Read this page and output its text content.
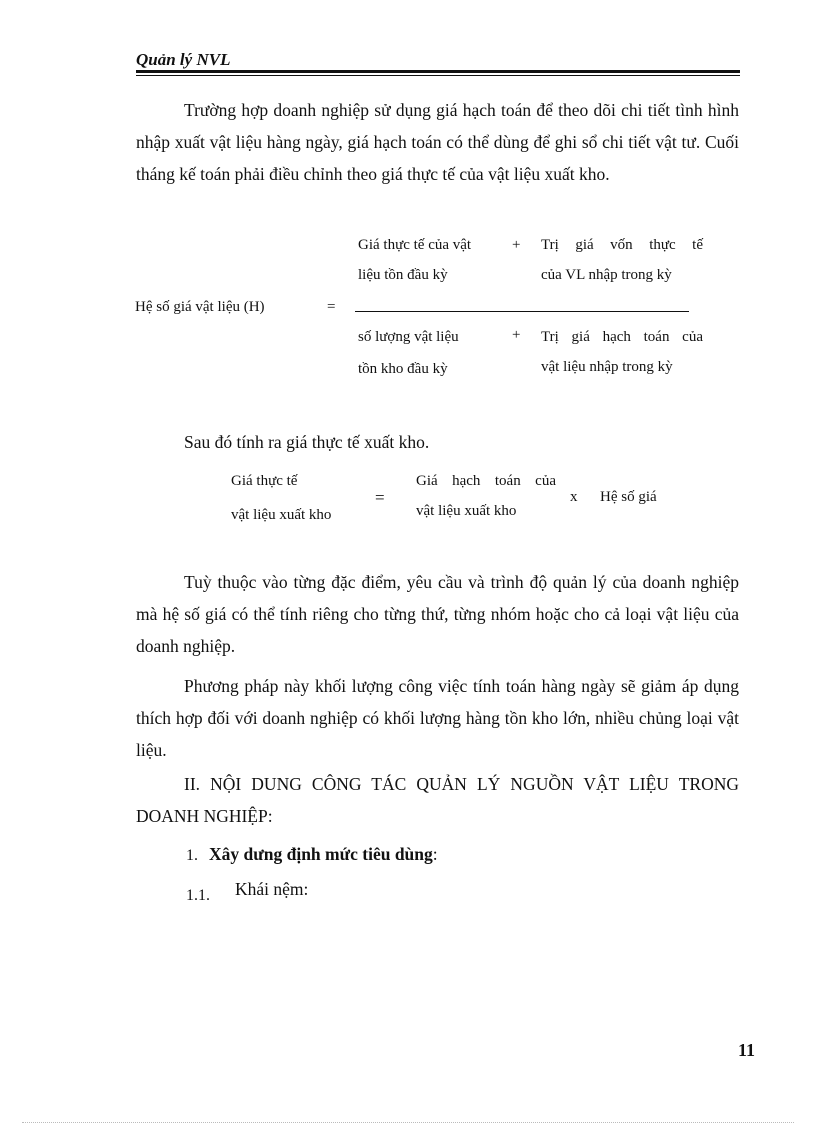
Quản lý NVL

Trường hợp doanh nghiệp sử dụng giá hạch toán để theo dõi chi tiết tình hình nhập xuất vật liệu hàng ngày, giá hạch toán có thể dùng để ghi sổ chi tiết vật tư. Cuối tháng kế toán phải điều chỉnh theo giá thực tế của vật liệu xuất kho.

Giá thực tế của vật
liệu tồn đầu kỳ
+ Trị giá vốn thực tế
của VL nhập trong kỳ
Hệ số giá vật liệu (H)	=
số lượng vật liệu
tồn kho đầu kỳ
+ Trị giá hạch toán của
vật liệu nhập trong kỳ

Sau đó tính ra giá thực tế xuất kho.

Giá thực tế
vật liệu xuất kho
=
Giá hạch toán của
vật liệu xuất kho
x Hệ số giá

Tuỳ thuộc vào từng đặc điểm, yêu cầu và trình độ quản lý của doanh nghiệp mà hệ số giá có thể tính riêng cho từng thứ, từng nhóm hoặc cho cả loại vật liệu của doanh nghiệp.

Phương pháp này khối lượng công việc tính toán hàng ngày sẽ giảm áp dụng thích hợp đối với doanh nghiệp có khối lượng hàng tồn kho lớn, nhiều chủng loại vật liệu.

II. NỘI DUNG CÔNG TÁC QUẢN LÝ NGUỒN VẬT LIỆU TRONG DOANH NGHIỆP:

1. Xây dưng định mức tiêu dùng:
1.1. Khái nệm:
11
